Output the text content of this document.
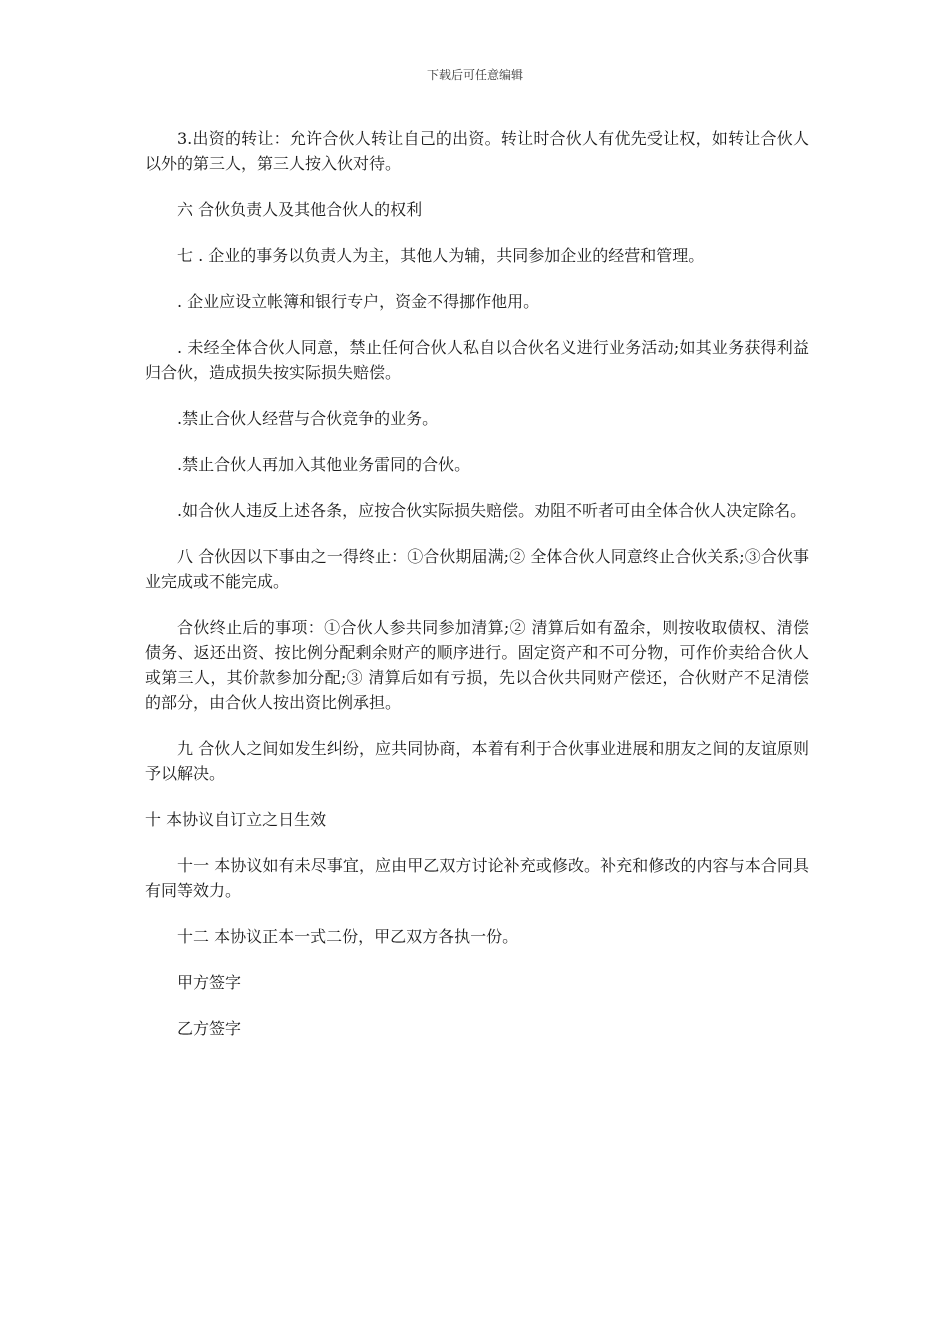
下载后可任意编辑

3.出资的转让：允许合伙人转让自己的出资。转让时合伙人有优先受让权，如转让合伙人以外的第三人，第三人按入伙对待。

六 合伙负责人及其他合伙人的权利

七 . 企业的事务以负责人为主，其他人为辅，共同参加企业的经营和管理。

. 企业应设立帐簿和银行专户，资金不得挪作他用。

. 未经全体合伙人同意，禁止任何合伙人私自以合伙名义进行业务活动;如其业务获得利益归合伙，造成损失按实际损失赔偿。

.禁止合伙人经营与合伙竞争的业务。

.禁止合伙人再加入其他业务雷同的合伙。

.如合伙人违反上述各条，应按合伙实际损失赔偿。劝阻不听者可由全体合伙人决定除名。

八 合伙因以下事由之一得终止：①合伙期届满;② 全体合伙人同意终止合伙关系;③合伙事业完成或不能完成。

合伙终止后的事项：①合伙人参共同参加清算;② 清算后如有盈余，则按收取债权、清偿债务、返还出资、按比例分配剩余财产的顺序进行。固定资产和不可分物，可作价卖给合伙人或第三人，其价款参加分配;③ 清算后如有亏损，先以合伙共同财产偿还，合伙财产不足清偿的部分，由合伙人按出资比例承担。

九 合伙人之间如发生纠纷，应共同协商，本着有利于合伙事业进展和朋友之间的友谊原则予以解决。

十 本协议自订立之日生效

十一 本协议如有未尽事宜，应由甲乙双方讨论补充或修改。补充和修改的内容与本合同具有同等效力。

十二 本协议正本一式二份，甲乙双方各执一份。

甲方签字

乙方签字
